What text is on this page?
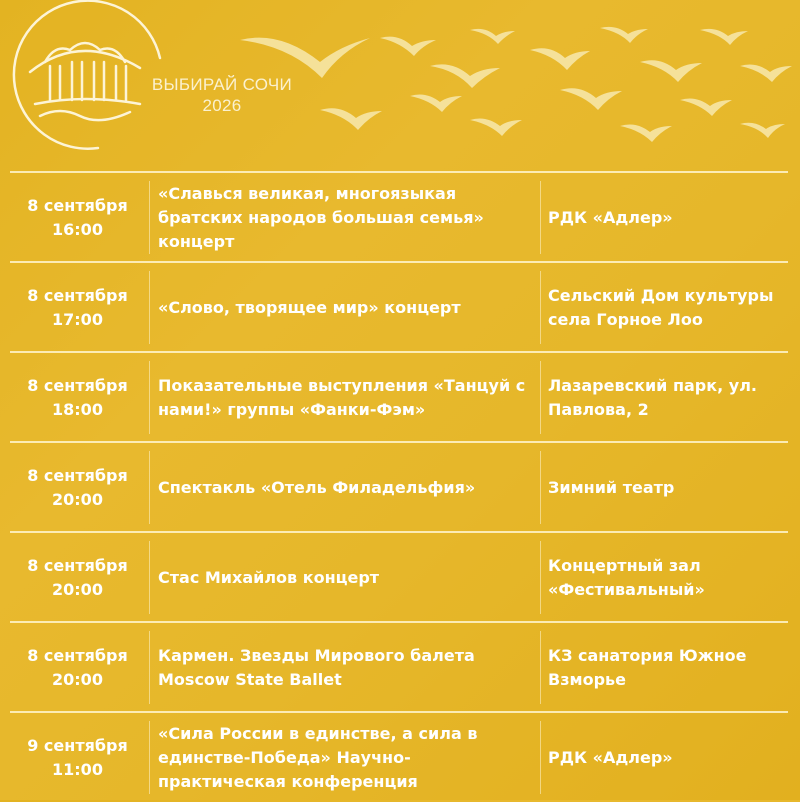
ВЫБИРАЙ СОЧИ
2026
8 сентября
16:00
«Славься великая, многоязыкая
братских народов большая семья»
концерт
РДК «Адлер»
8 сентября
17:00
«Слово, творящее мир» концерт
Сельский Дом культуры
села Горное Лоо
8 сентября
18:00
Показательные выступления «Танцуй с
нами!» группы «Фанки-Фэм»
Лазаревский парк, ул.
Павлова, 2
8 сентября
20:00
Спектакль «Отель Филадельфия»	Зимний театр
8 сентября
20:00
Стас Михайлов концерт
Концертный зал
«Фестивальный»
8 сентября
20:00
Кармен. Звезды Мирового балета
Moscow State Ballet
КЗ санатория Южное
Взморье
9 сентября
11:00
«Сила России в единстве, а сила в
единстве-Победа» Научно-
практическая конференция
РДК «Адлер»
